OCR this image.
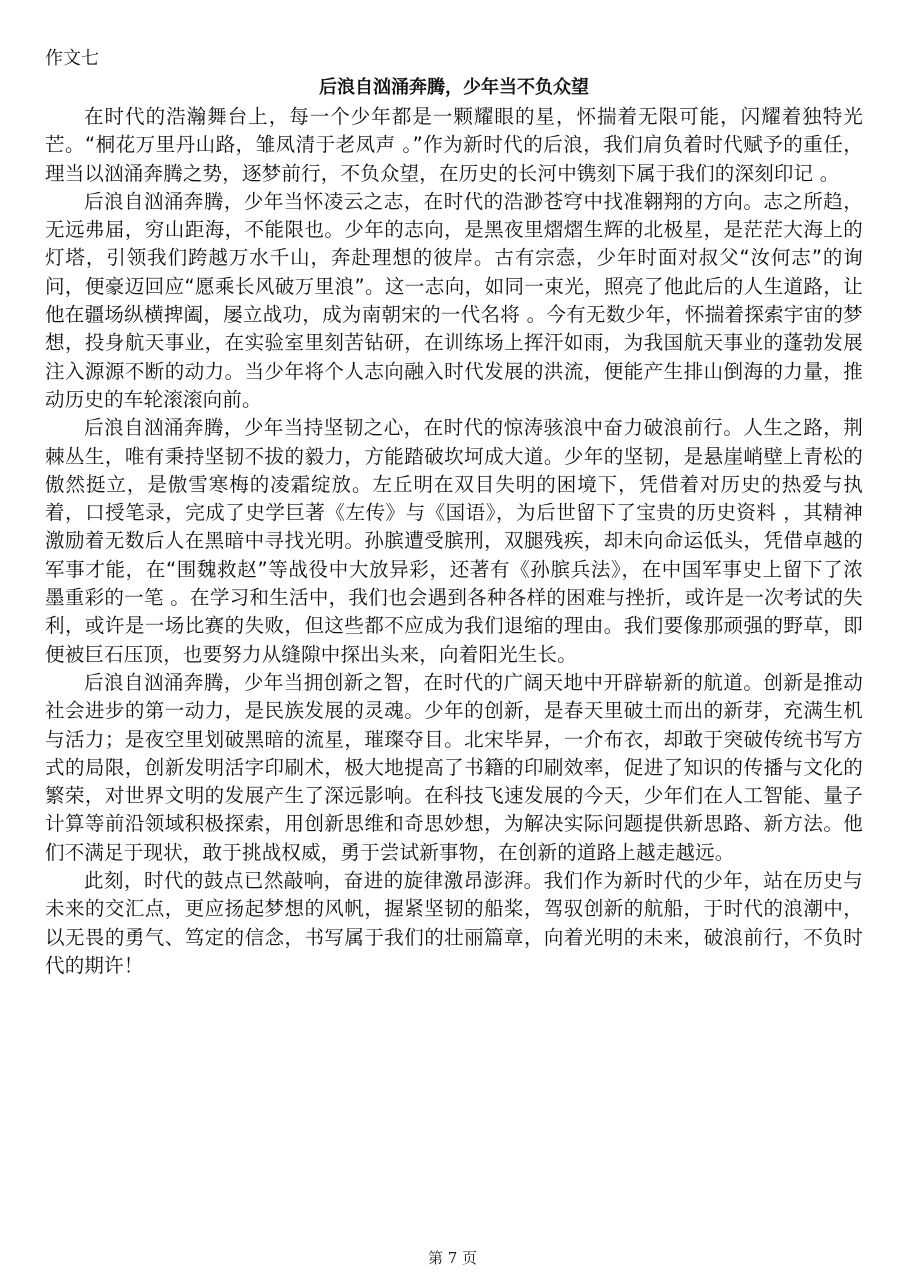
作文七
后浪自汹涌奔腾，少年当不负众望

在时代的浩瀚舞台上，每一个少年都是一颗耀眼的星，怀揣着无限可能，闪耀着独特光芒。“桐花万里丹山路，雏凤清于老凤声 。”作为新时代的后浪，我们肩负着时代赋予的重任，理当以汹涌奔腾之势，逐梦前行，不负众望，在历史的长河中镌刻下属于我们的深刻印记 。

后浪自汹涌奔腾，少年当怀凌云之志，在时代的浩渺苍穹中找准翱翔的方向。志之所趋，无远弗届，穷山距海，不能限也。少年的志向，是黑夜里熠熠生辉的北极星，是茫茫大海上的灯塔，引领我们跨越万水千山，奔赴理想的彼岸。古有宗悫，少年时面对叔父“汝何志”的询问，便豪迈回应“愿乘长风破万里浪”。这一志向，如同一束光，照亮了他此后的人生道路，让他在疆场纵横捭阖，屡立战功，成为南朝宋的一代名将 。今有无数少年，怀揣着探索宇宙的梦想，投身航天事业，在实验室里刻苦钻研，在训练场上挥汗如雨，为我国航天事业的蓬勃发展注入源源不断的动力。当少年将个人志向融入时代发展的洪流，便能产生排山倒海的力量，推动历史的车轮滚滚向前。

后浪自汹涌奔腾，少年当持坚韧之心，在时代的惊涛骇浪中奋力破浪前行。人生之路，荆棘丛生，唯有秉持坚韧不拔的毅力，方能踏破坎坷成大道。少年的坚韧，是悬崖峭壁上青松的傲然挺立，是傲雪寒梅的凌霜绽放。左丘明在双目失明的困境下，凭借着对历史的热爱与执着，口授笔录，完成了史学巨著《左传》与《国语》，为后世留下了宝贵的历史资料 ，其精神激励着无数后人在黑暗中寻找光明。孙膑遭受膑刑，双腿残疾，却未向命运低头，凭借卓越的军事才能，在“围魏救赵”等战役中大放异彩，还著有《孙膑兵法》，在中国军事史上留下了浓墨重彩的一笔 。在学习和生活中，我们也会遇到各种各样的困难与挫折，或许是一次考试的失利，或许是一场比赛的失败，但这些都不应成为我们退缩的理由。我们要像那顽强的野草，即便被巨石压顶，也要努力从缝隙中探出头来，向着阳光生长。

后浪自汹涌奔腾，少年当拥创新之智，在时代的广阔天地中开辟崭新的航道。创新是推动社会进步的第一动力，是民族发展的灵魂。少年的创新，是春天里破土而出的新芽，充满生机与活力；是夜空里划破黑暗的流星，璀璨夺目。北宋毕昇，一介布衣，却敢于突破传统书写方式的局限，创新发明活字印刷术，极大地提高了书籍的印刷效率，促进了知识的传播与文化的繁荣，对世界文明的发展产生了深远影响。在科技飞速发展的今天，少年们在人工智能、量子计算等前沿领域积极探索，用创新思维和奇思妙想，为解决实际问题提供新思路、新方法。他们不满足于现状，敢于挑战权威，勇于尝试新事物，在创新的道路上越走越远。

此刻，时代的鼓点已然敲响，奋进的旋律激昂澎湃。我们作为新时代的少年，站在历史与未来的交汇点，更应扬起梦想的风帆，握紧坚韧的船桨，驾驭创新的航船，于时代的浪潮中，以无畏的勇气、笃定的信念，书写属于我们的壮丽篇章，向着光明的未来，破浪前行，不负时代的期许！

第 7 页
